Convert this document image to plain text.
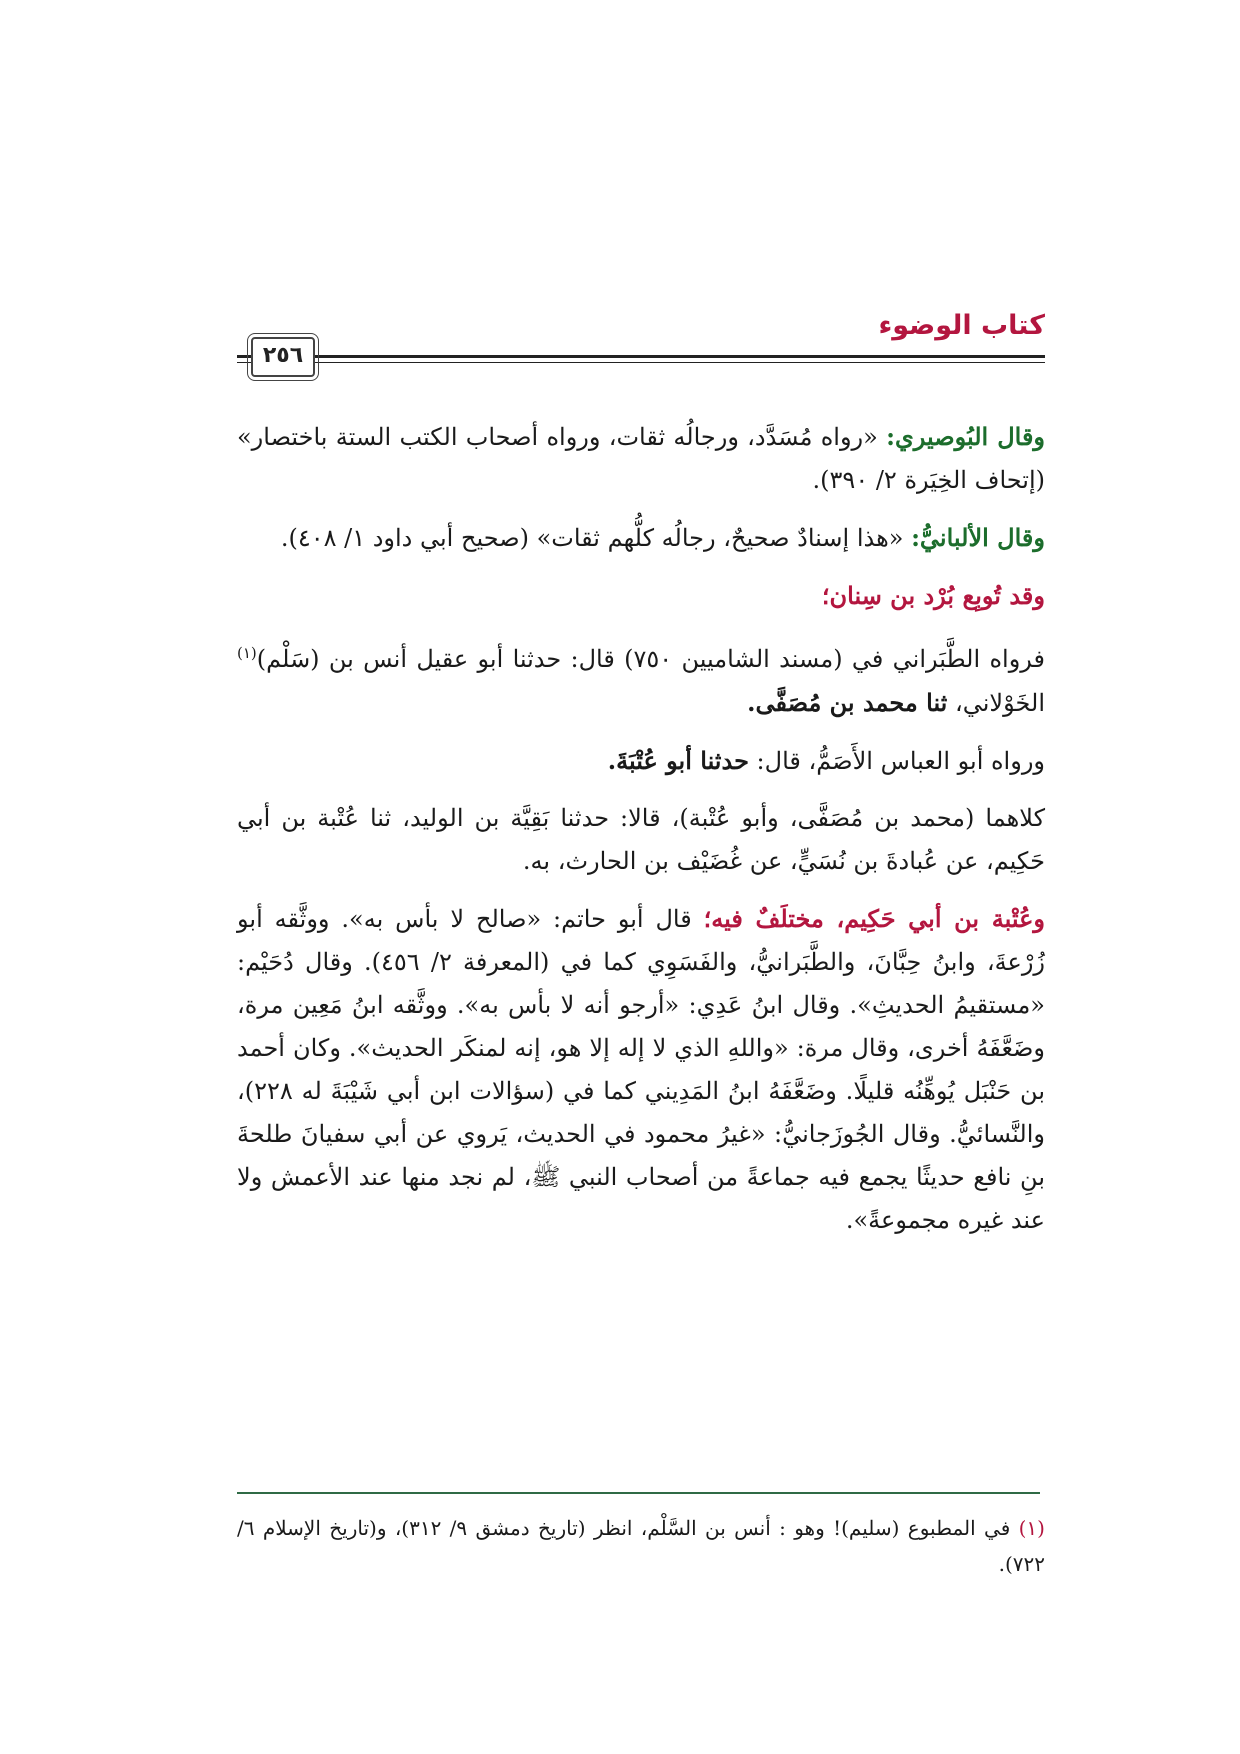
كتاب الوضوء
٢٥٦

وقال البُوصيري: «رواه مُسَدَّد، ورجالُه ثقات، ورواه أصحاب الكتب الستة باختصار» (إتحاف الخِيَرة ٢/ ٣٩٠).

وقال الألبانيُّ: «هذا إسنادٌ صحيحٌ، رجالُه كلُّهم ثقات» (صحيح أبي داود ١/ ٤٠٨).

وقد تُوبِع بُرْد بن سِنان؛

فرواه الطَّبَراني في (مسند الشاميين ٧٥٠) قال: حدثنا أبو عقيل أنس بن (سَلْم)$^{(١)}$ الخَوْلاني، ثنا محمد بن مُصَفَّى.

ورواه أبو العباس الأَصَمُّ، قال: حدثنا أبو عُتْبَةَ.

كلاهما (محمد بن مُصَفَّى، وأبو عُتْبة)، قالا: حدثنا بَقِيَّة بن الوليد، ثنا عُتْبة بن أبي حَكِيم، عن عُبادةَ بن نُسَيٍّ، عن غُضَيْف بن الحارث، به.

وعُتْبة بن أبي حَكِيم، مختلَفٌ فيه؛ قال أبو حاتم: «صالح لا بأس به». ووثَّقه أبو زُرْعةَ، وابنُ حِبَّانَ، والطَّبَرانيُّ، والفَسَوِي كما في (المعرفة ٢/ ٤٥٦). وقال دُحَيْم: «مستقيمُ الحديثِ». وقال ابنُ عَدِي: «أرجو أنه لا بأس به». ووثَّقه ابنُ مَعِين مرة، وضَعَّفَهُ أخرى، وقال مرة: «واللهِ الذي لا إله إلا هو، إنه لمنكَر الحديث». وكان أحمد بن حَنْبَل يُوهِّنُه قليلًا. وضَعَّفَهُ ابنُ المَدِيني كما في (سؤالات ابن أبي شَيْبَةَ له ٢٢٨)، والنَّسائيُّ. وقال الجُوزَجانيُّ: «غيرُ محمود في الحديث، يَروي عن أبي سفيانَ طلحةَ بنِ نافع حديثًا يجمع فيه جماعةً من أصحاب النبي ﷺ، لم نجد منها عند الأعمش ولا عند غيره مجموعةً».

(١) في المطبوع (سليم)! وهو : أنس بن السَّلْم، انظر (تاريخ دمشق ٩/ ٣١٢)، و(تاريخ الإسلام ٦/ ٧٢٢).
